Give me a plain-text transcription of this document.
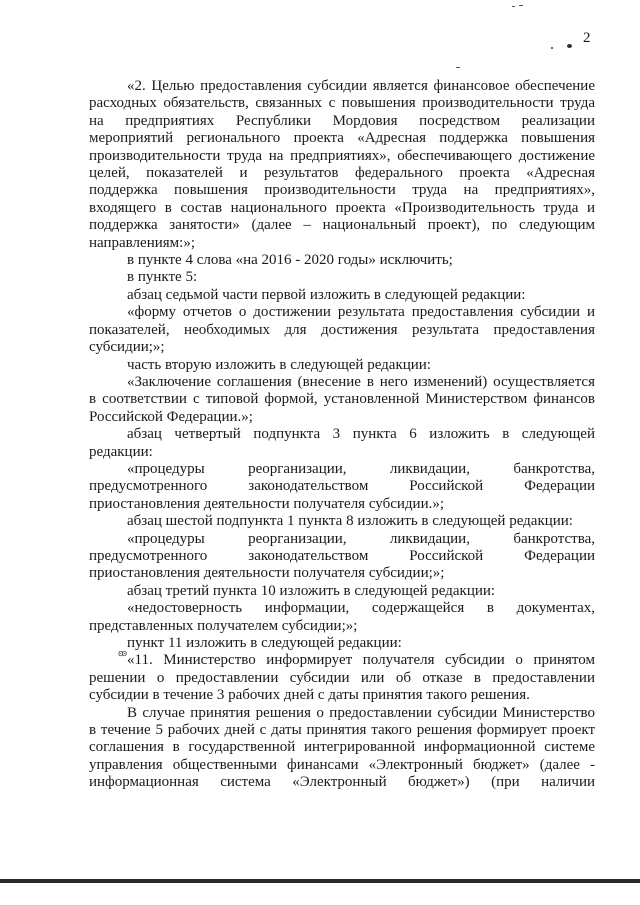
2
ꙭ

«2. Целью предоставления субсидии является финансовое обеспечение

расходных обязательств, связанных с повышения производительности труда

на предприятиях Республики Мордовия посредством реализации

мероприятий регионального проекта «Адресная поддержка повышения

производительности труда на предприятиях», обеспечивающего достижение

целей, показателей и результатов федерального проекта «Адресная

поддержка повышения производительности труда на предприятиях»,

входящего в состав национального проекта «Производительность труда и

поддержка занятости» (далее – национальный проект), по следующим

направлениям:»;

в пункте 4 слова «на 2016 - 2020 годы» исключить;

в пункте 5:

абзац седьмой части первой изложить в следующей редакции:

«форму отчетов о достижении результата предоставления субсидии и

показателей, необходимых для достижения результата предоставления

субсидии;»;

часть вторую изложить в следующей редакции:

«Заключение соглашения (внесение в него изменений) осуществляется

в соответствии с типовой формой, установленной Министерством финансов

Российской Федерации.»;

абзац четвертый подпункта 3 пункта 6 изложить в следующей

редакции:

«процедуры реорганизации, ликвидации, банкротства,

предусмотренного законодательством Российской Федерации

приостановления деятельности получателя субсидии.»;

абзац шестой подпункта 1 пункта 8 изложить в следующей редакции:

«процедуры реорганизации, ликвидации, банкротства,

предусмотренного законодательством Российской Федерации

приостановления деятельности получателя субсидии;»;

абзац третий пункта 10 изложить в следующей редакции:

«недостоверность информации, содержащейся в документах,

представленных получателем субсидии;»;

пункт 11 изложить в следующей редакции:

«11. Министерство информирует получателя субсидии о принятом

решении о предоставлении субсидии или об отказе в предоставлении

субсидии в течение 3 рабочих дней с даты принятия такого решения.

В случае принятия решения о предоставлении субсидии Министерство

в течение 5 рабочих дней с даты принятия такого решения формирует проект

соглашения в государственной интегрированной информационной системе

управления общественными финансами «Электронный бюджет» (далее -

информационная система «Электронный бюджет») (при наличии
